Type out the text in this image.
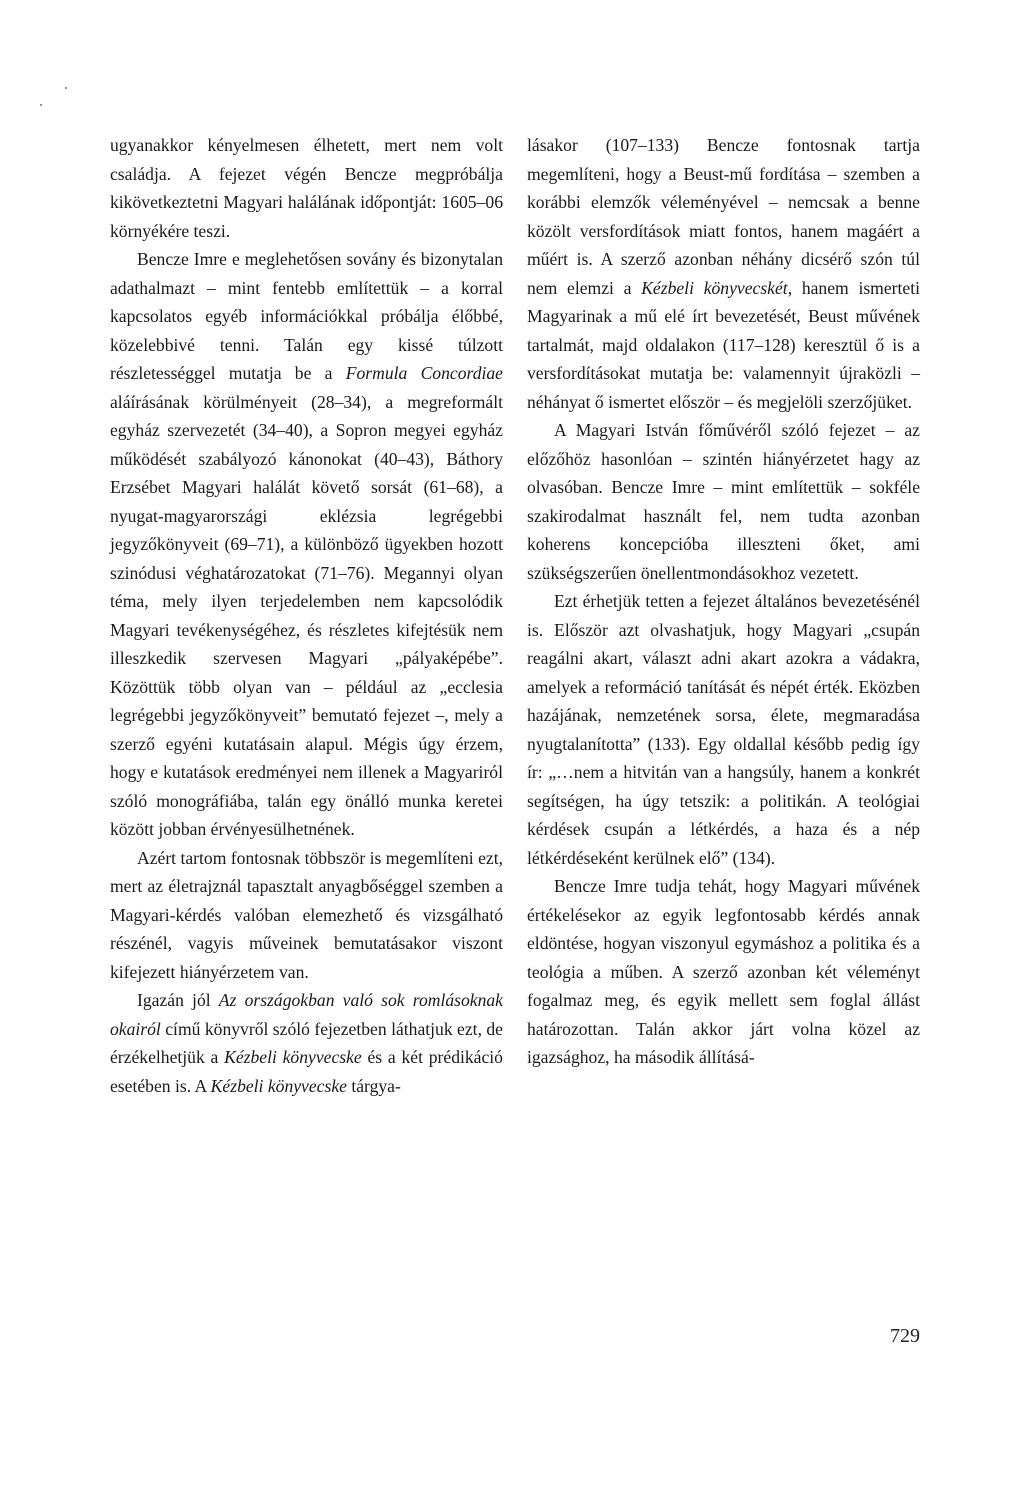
ugyanakkor kényelmesen élhetett, mert nem volt családja. A fejezet végén Bencze megpróbálja kikövetkeztetni Magyari halálának időpontját: 1605–06 környékére teszi.

Bencze Imre e meglehetősen sovány és bizonytalan adathalmazt – mint fentebb említettük – a korral kapcsolatos egyéb információkkal próbálja élőbbé, közelebbivé tenni. Talán egy kissé túlzott részletességgel mutatja be a Formula Concordiae aláírásának körülményeit (28–34), a megreformált egyház szervezetét (34–40), a Sopron megyei egyház működését szabályozó kánonokat (40–43), Báthory Erzsébet Magyari halálát követő sorsát (61–68), a nyugat-magyarországi eklézsia legrégebbi jegyzőkönyveit (69–71), a különböző ügyekben hozott szinódusi véghatározatokat (71–76). Megannyi olyan téma, mely ilyen terjedelemben nem kapcsolódik Magyari tevékenységéhez, és részletes kifejtésük nem illeszkedik szervesen Magyari „pályaképébe”. Közöttük több olyan van – például az „ecclesia legrégebbi jegyzőkönyveit” bemutató fejezet –, mely a szerző egyéni kutatásain alapul. Mégis úgy érzem, hogy e kutatások eredményei nem illenek a Magyariról szóló monográfiába, talán egy önálló munka keretei között jobban érvényesülhetnének.

Azért tartom fontosnak többször is megemlíteni ezt, mert az életrajznál tapasztalt anyagbőséggel szemben a Magyari-kérdés valóban elemezhető és vizsgálható részénél, vagyis műveinek bemutatásakor viszont kifejezett hiányérzetem van.

Igazán jól Az országokban való sok romlásoknak okairól című könyvről szóló fejezetben láthatjuk ezt, de érzékelhetjük a Kézbeli könyvecske és a két prédikáció esetében is. A Kézbeli könyvecske tárgya-

lásakor (107–133) Bencze fontosnak tartja megemlíteni, hogy a Beust-mű fordítása – szemben a korábbi elemzők véleményével – nemcsak a benne közölt versfordítások miatt fontos, hanem magáért a műért is. A szerző azonban néhány dicsérő szón túl nem elemzi a Kézbeli könyvecskét, hanem ismerteti Magyarinak a mű elé írt bevezetését, Beust művének tartalmát, majd oldalakon (117–128) keresztül ő is a versfordításokat mutatja be: valamennyit újraközli – néhányat ő ismertet először – és megjelöli szerzőjüket.

A Magyari István főművéről szóló fejezet – az előzőhöz hasonlóan – szintén hiányérzetet hagy az olvasóban. Bencze Imre – mint említettük – sokféle szakirodalmat használt fel, nem tudta azonban koherens koncepcióba illeszteni őket, ami szükségszerűen önellentmondásokhoz vezetett.

Ezt érhetjük tetten a fejezet általános bevezetésénél is. Először azt olvashatjuk, hogy Magyari „csupán reagálni akart, választ adni akart azokra a vádakra, amelyek a reformáció tanítását és népét érték. Eközben hazájának, nemzetének sorsa, élete, megmaradása nyugtalanította” (133). Egy oldallal később pedig így ír: „…nem a hitvitán van a hangsúly, hanem a konkrét segítségen, ha úgy tetszik: a politikán. A teológiai kérdések csupán a létkérdés, a haza és a nép létkérdéseként kerülnek elő” (134).

Bencze Imre tudja tehát, hogy Magyari művének értékelésekor az egyik legfontosabb kérdés annak eldöntése, hogyan viszonyul egymáshoz a politika és a teológia a műben. A szerző azonban két véleményt fogalmaz meg, és egyik mellett sem foglal állást határozottan. Talán akkor járt volna közel az igazsághoz, ha második állításá-

729
